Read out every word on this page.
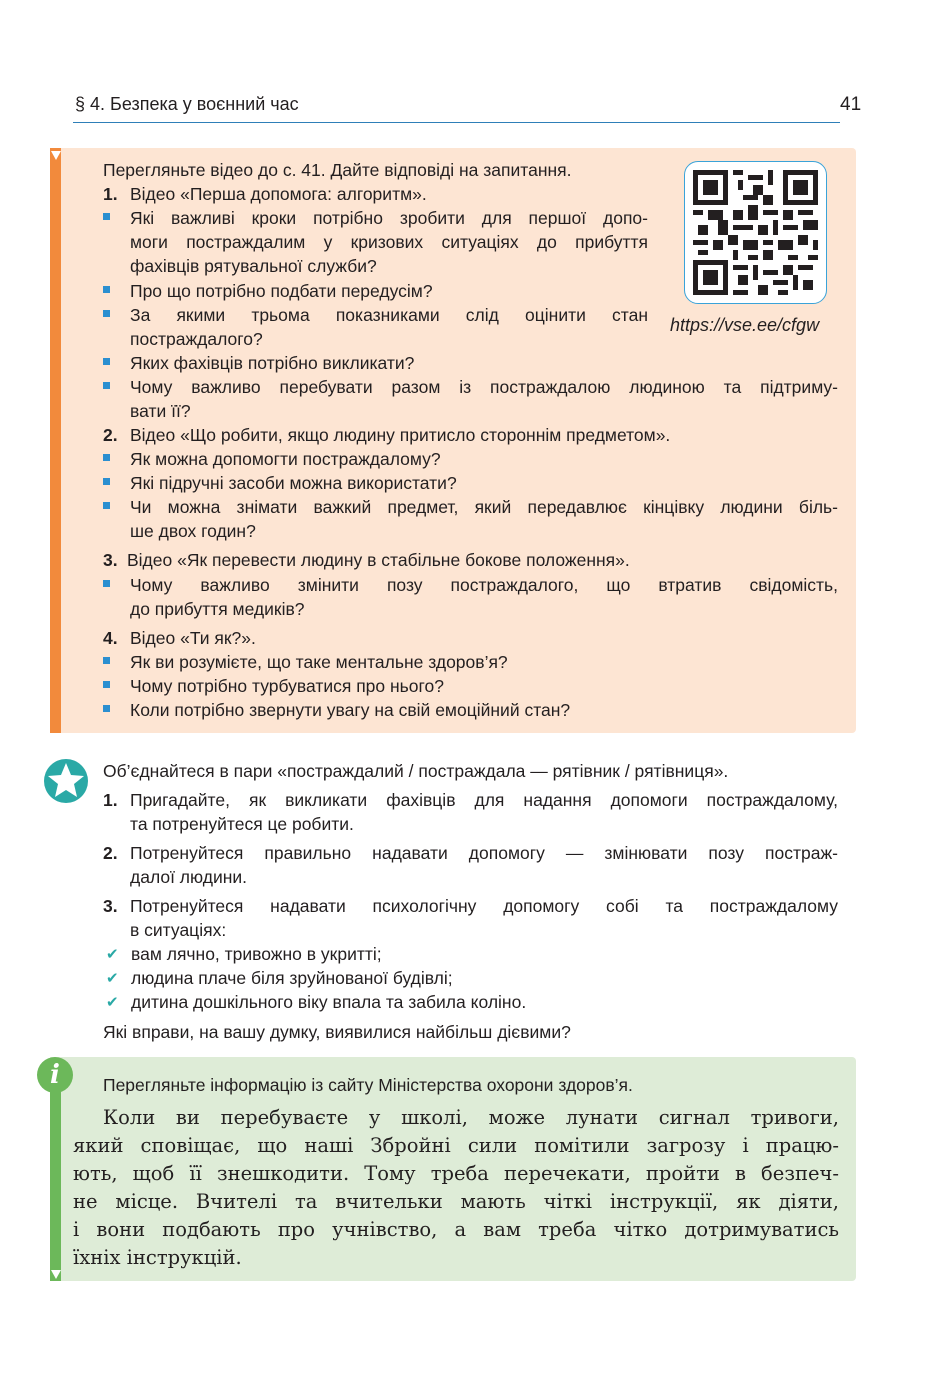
§ 4. Безпека у воєнний час	41
Перегляньте відео до с. 41. Дайте відповіді на запитання.
https://vse.ee/cfgw
1. Відео «Перша допомога: алгоритм».
Які важливі кроки потрібно зробити для першої допо-
моги постраждалим у кризових ситуаціях до прибуття
фахівців рятувальної служби?
Про що потрібно подбати передусім?
За якими трьома показниками слід оцінити стан
постраждалого?
Яких фахівців потрібно викликати?
Чому важливо перебувати разом із постраждалою людиною та підтриму-
вати її?
2. Відео «Що робити, якщо людину притисло стороннім предметом».
Як можна допомогти постраждалому?
Які підручні засоби можна використати?
Чи можна знімати важкий предмет, який передавлює кінцівку людини біль-
ше двох годин?
3. Відео «Як перевести людину в стабільне бокове положення».
Чому важливо змінити позу постраждалого, що втратив свідомість,
до прибуття медиків?
4. Відео «Ти як?».
Як ви розумієте, що таке ментальне здоров’я?
Чому потрібно турбуватися про нього?
Коли потрібно звернути увагу на свій емоційний стан?
Об’єднайтеся в пари «постраждалий / постраждала — рятівник / рятівниця».
1. Пригадайте, як викликати фахівців для надання допомоги постраждалому,
та потренуйтеся це робити.
2. Потренуйтеся правильно надавати допомогу — змінювати позу постраж-
далої людини.
3. Потренуйтеся надавати психологічну допомогу собі та постраждалому
в ситуаціях:
✔ вам лячно, тривожно в укритті;
✔ людина плаче біля зруйнованої будівлі;
✔ дитина дошкільного віку впала та забила коліно.
Які вправи, на вашу думку, виявилися найбільш дієвими?
i	Перегляньте інформацію із сайту Міністерства охорони здоров’я.
Коли ви перебуваєте у школі, може лунати сигнал тривоги,
який сповіщає, що наші Збройні сили помітили загрозу і працю-
ють, щоб її знешкодити. Тому треба перечекати, пройти в безпеч-
не місце. Вчителі та вчительки мають чіткі інструкції, як діяти,
і вони подбають про учнівство, а вам треба чітко дотримуватись
їхніх інструкцій.
